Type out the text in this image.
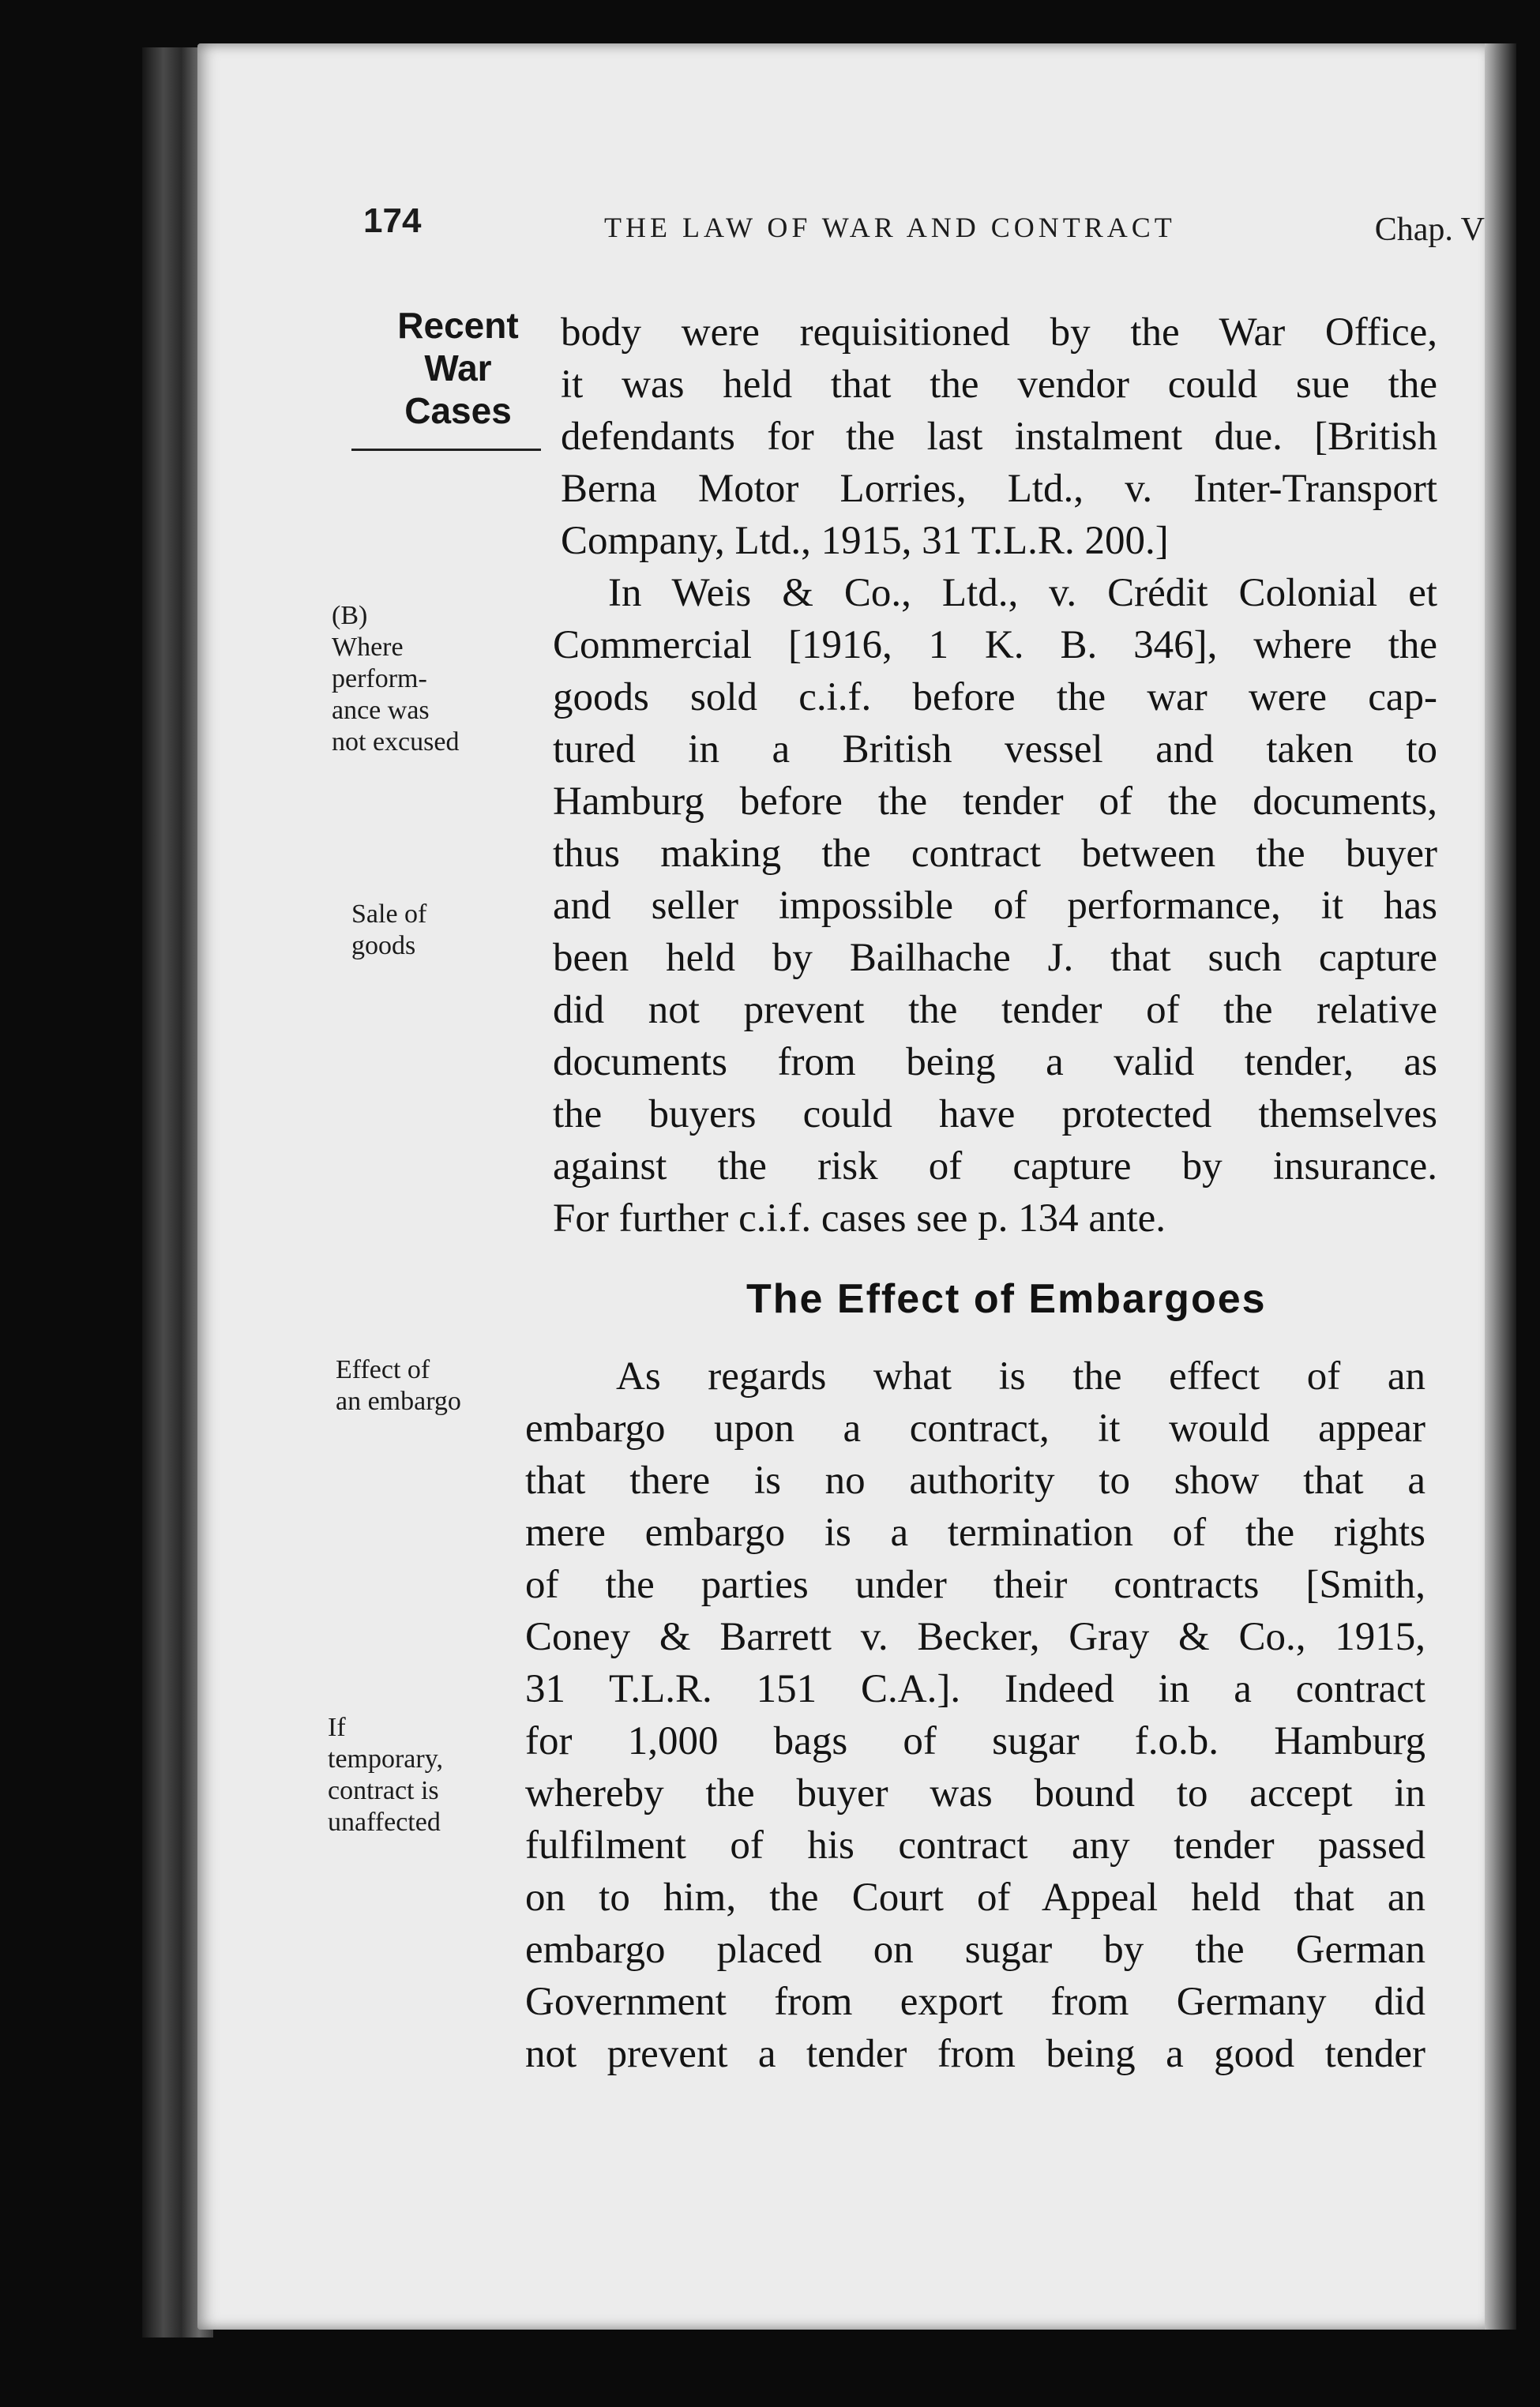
174	THE LAW OF WAR AND CONTRACT	Chap. V
Recent
War
Cases
(B)
Where
perform-
ance was
not excused
Sale of
goods
Effect of
an embargo
If
temporary,
contract is
unaffected
body were requisitioned by the War Office,
it was held that the vendor could sue the
defendants for the last instalment due. [British
Berna Motor Lorries, Ltd., v. Inter-Transport
Company, Ltd., 1915, 31 T.L.R. 200.]
In Weis & Co., Ltd., v. Crédit Colonial et
Commercial [1916, 1 K. B. 346], where the
goods sold c.i.f. before the war were cap-
tured in a British vessel and taken to
Hamburg before the tender of the documents,
thus making the contract between the buyer
and seller impossible of performance, it has
been held by Bailhache J. that such capture
did not prevent the tender of the relative
documents from being a valid tender, as
the buyers could have protected themselves
against the risk of capture by insurance.
For further c.i.f. cases see p. 134 ante.
The Effect of Embargoes
As regards what is the effect of an
embargo upon a contract, it would appear
that there is no authority to show that a
mere embargo is a termination of the rights
of the parties under their contracts [Smith,
Coney & Barrett v. Becker, Gray & Co., 1915,
31 T.L.R. 151 C.A.]. Indeed in a contract
for 1,000 bags of sugar f.o.b. Hamburg
whereby the buyer was bound to accept in
fulfilment of his contract any tender passed
on to him, the Court of Appeal held that an
embargo placed on sugar by the German
Government from export from Germany did
not prevent a tender from being a good tender
